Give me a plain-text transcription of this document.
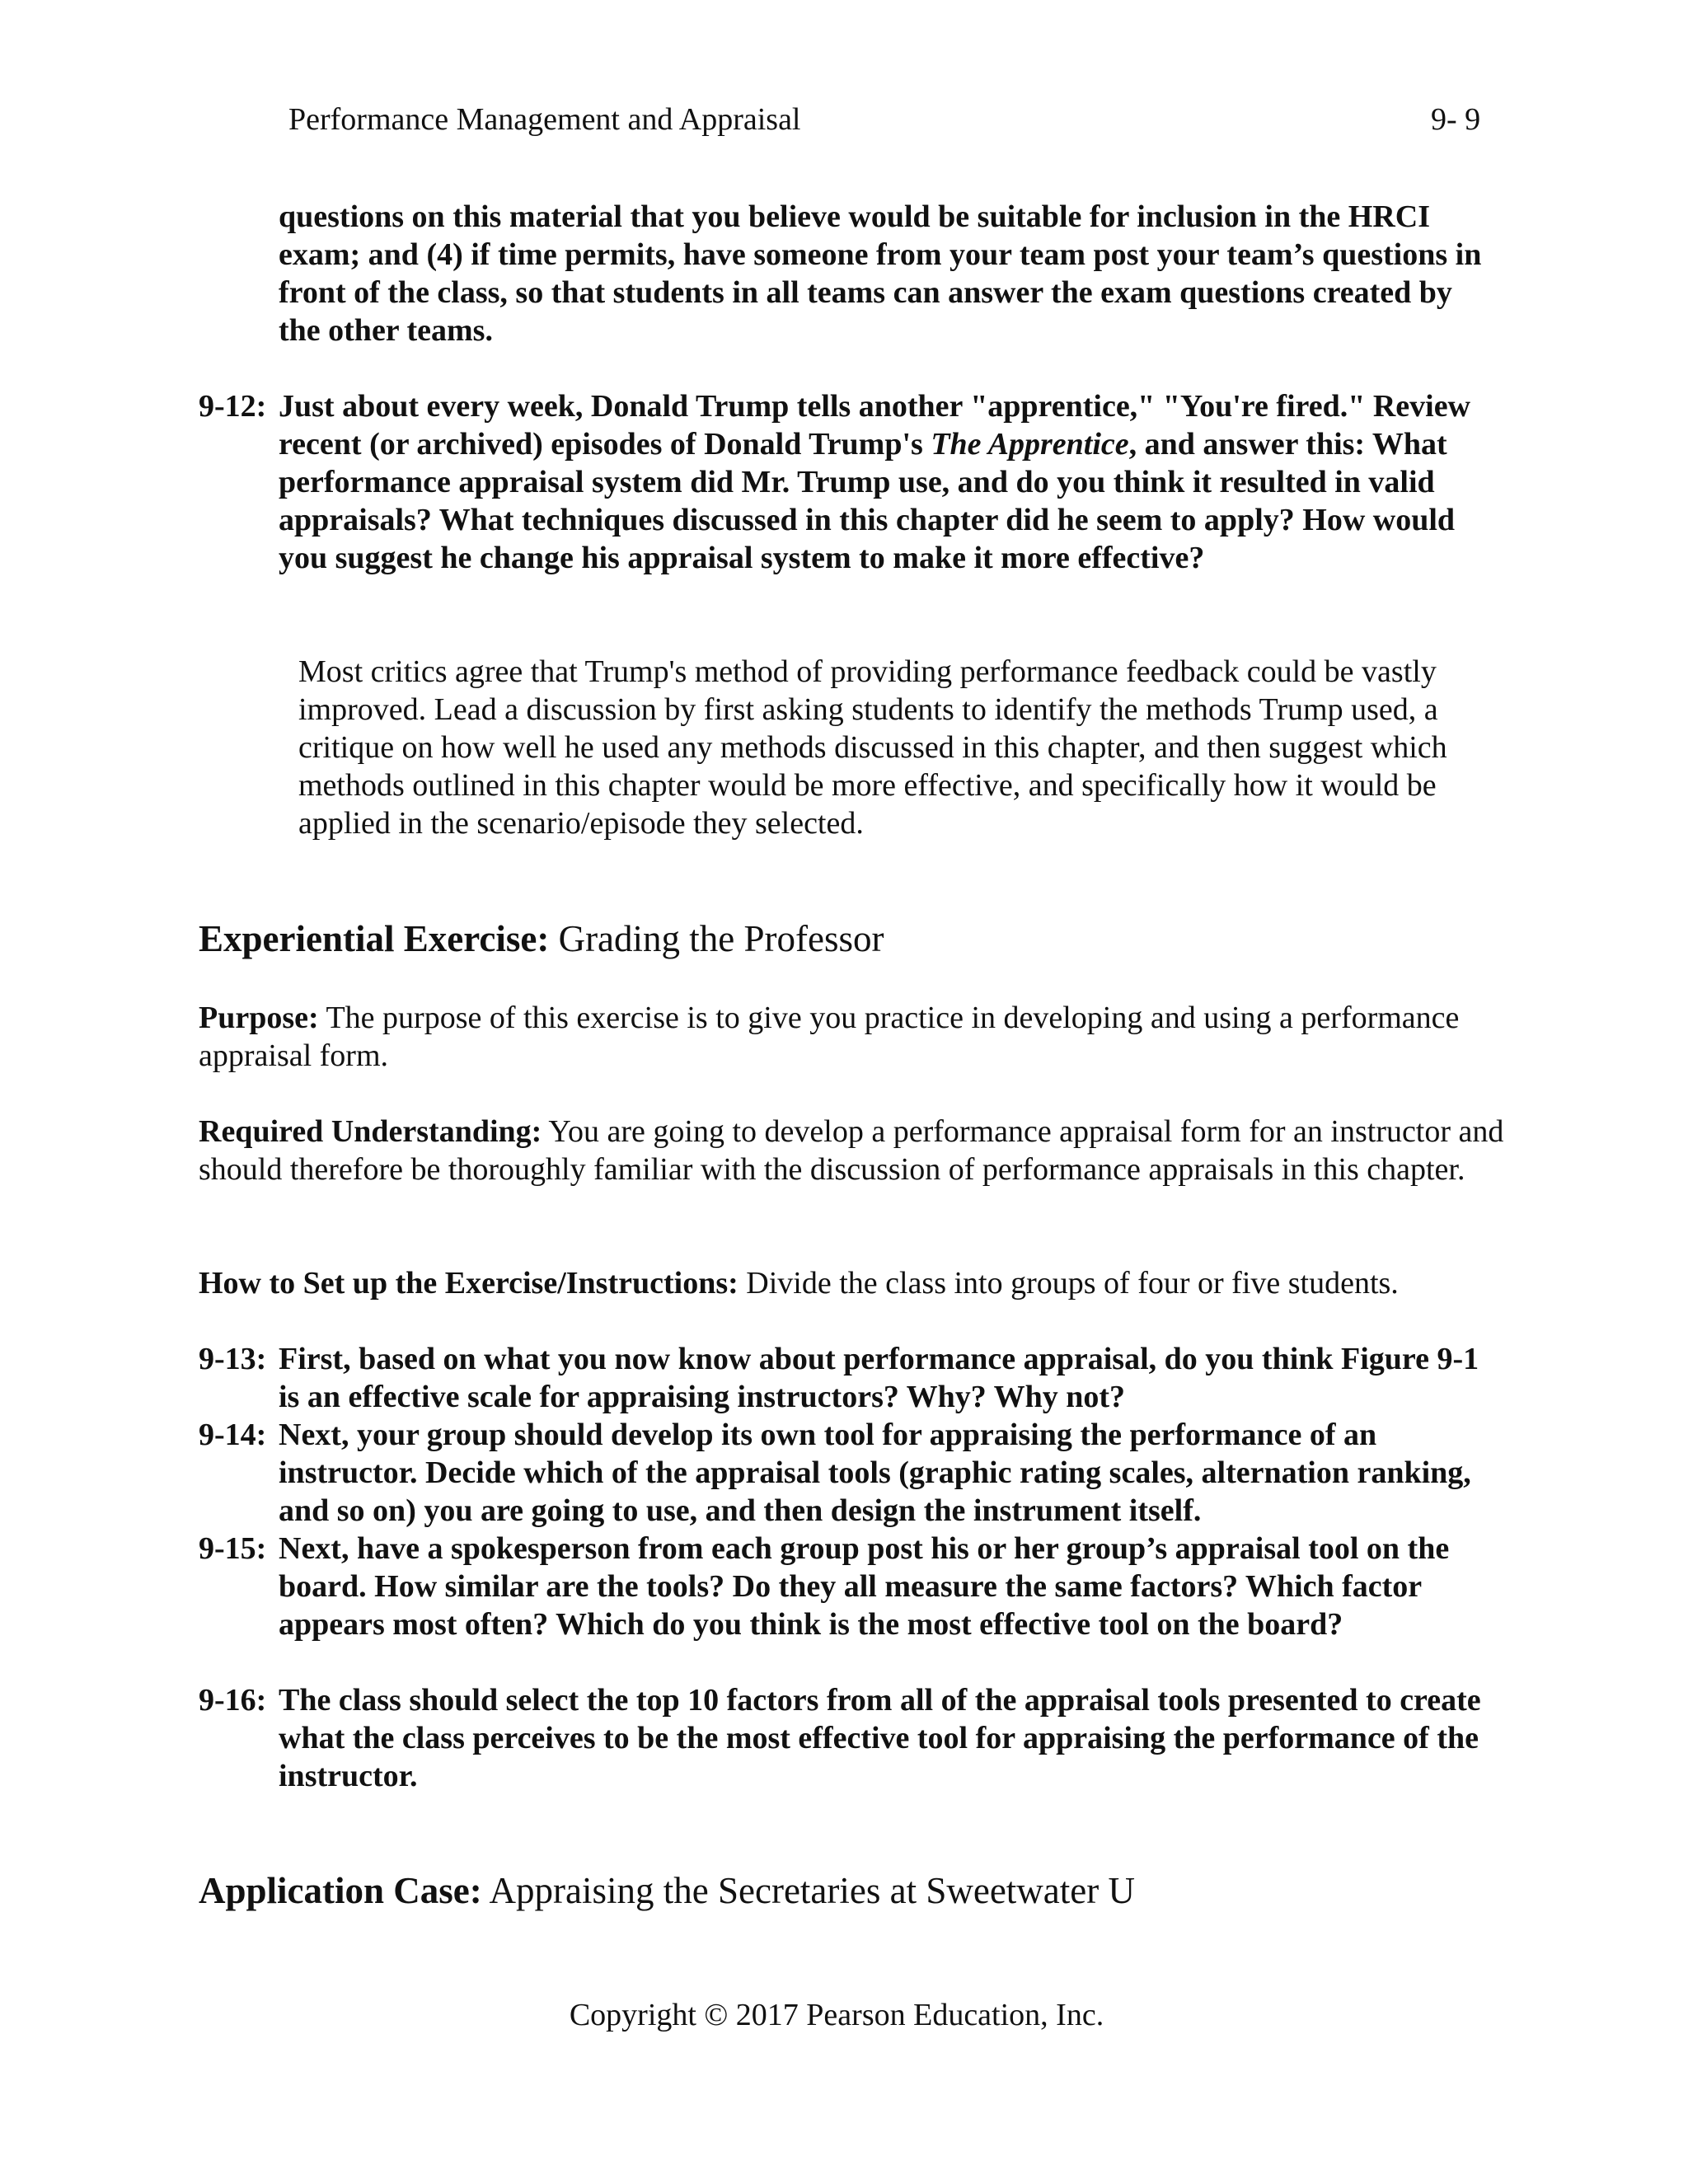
Performance Management and Appraisal	9- 9
questions on this material that you believe would be suitable for inclusion in the HRCI exam; and (4) if time permits, have someone from your team post your team’s questions in front of the class, so that students in all teams can answer the exam questions created by the other teams.
9-12: Just about every week, Donald Trump tells another "apprentice," "You're fired." Review recent (or archived) episodes of Donald Trump's The Apprentice, and answer this: What performance appraisal system did Mr. Trump use, and do you think it resulted in valid appraisals? What techniques discussed in this chapter did he seem to apply? How would you suggest he change his appraisal system to make it more effective?
Most critics agree that Trump's method of providing performance feedback could be vastly improved. Lead a discussion by first asking students to identify the methods Trump used, a critique on how well he used any methods discussed in this chapter, and then suggest which methods outlined in this chapter would be more effective, and specifically how it would be applied in the scenario/episode they selected.
Experiential Exercise: Grading the Professor
Purpose: The purpose of this exercise is to give you practice in developing and using a performance appraisal form.
Required Understanding: You are going to develop a performance appraisal form for an instructor and should therefore be thoroughly familiar with the discussion of performance appraisals in this chapter.
How to Set up the Exercise/Instructions: Divide the class into groups of four or five students.
9-13: First, based on what you now know about performance appraisal, do you think Figure 9-1 is an effective scale for appraising instructors? Why? Why not?
9-14: Next, your group should develop its own tool for appraising the performance of an instructor. Decide which of the appraisal tools (graphic rating scales, alternation ranking, and so on) you are going to use, and then design the instrument itself.
9-15: Next, have a spokesperson from each group post his or her group’s appraisal tool on the board. How similar are the tools? Do they all measure the same factors? Which factor appears most often? Which do you think is the most effective tool on the board?
9-16: The class should select the top 10 factors from all of the appraisal tools presented to create what the class perceives to be the most effective tool for appraising the performance of the instructor.
Application Case: Appraising the Secretaries at Sweetwater U
Copyright © 2017 Pearson Education, Inc.
